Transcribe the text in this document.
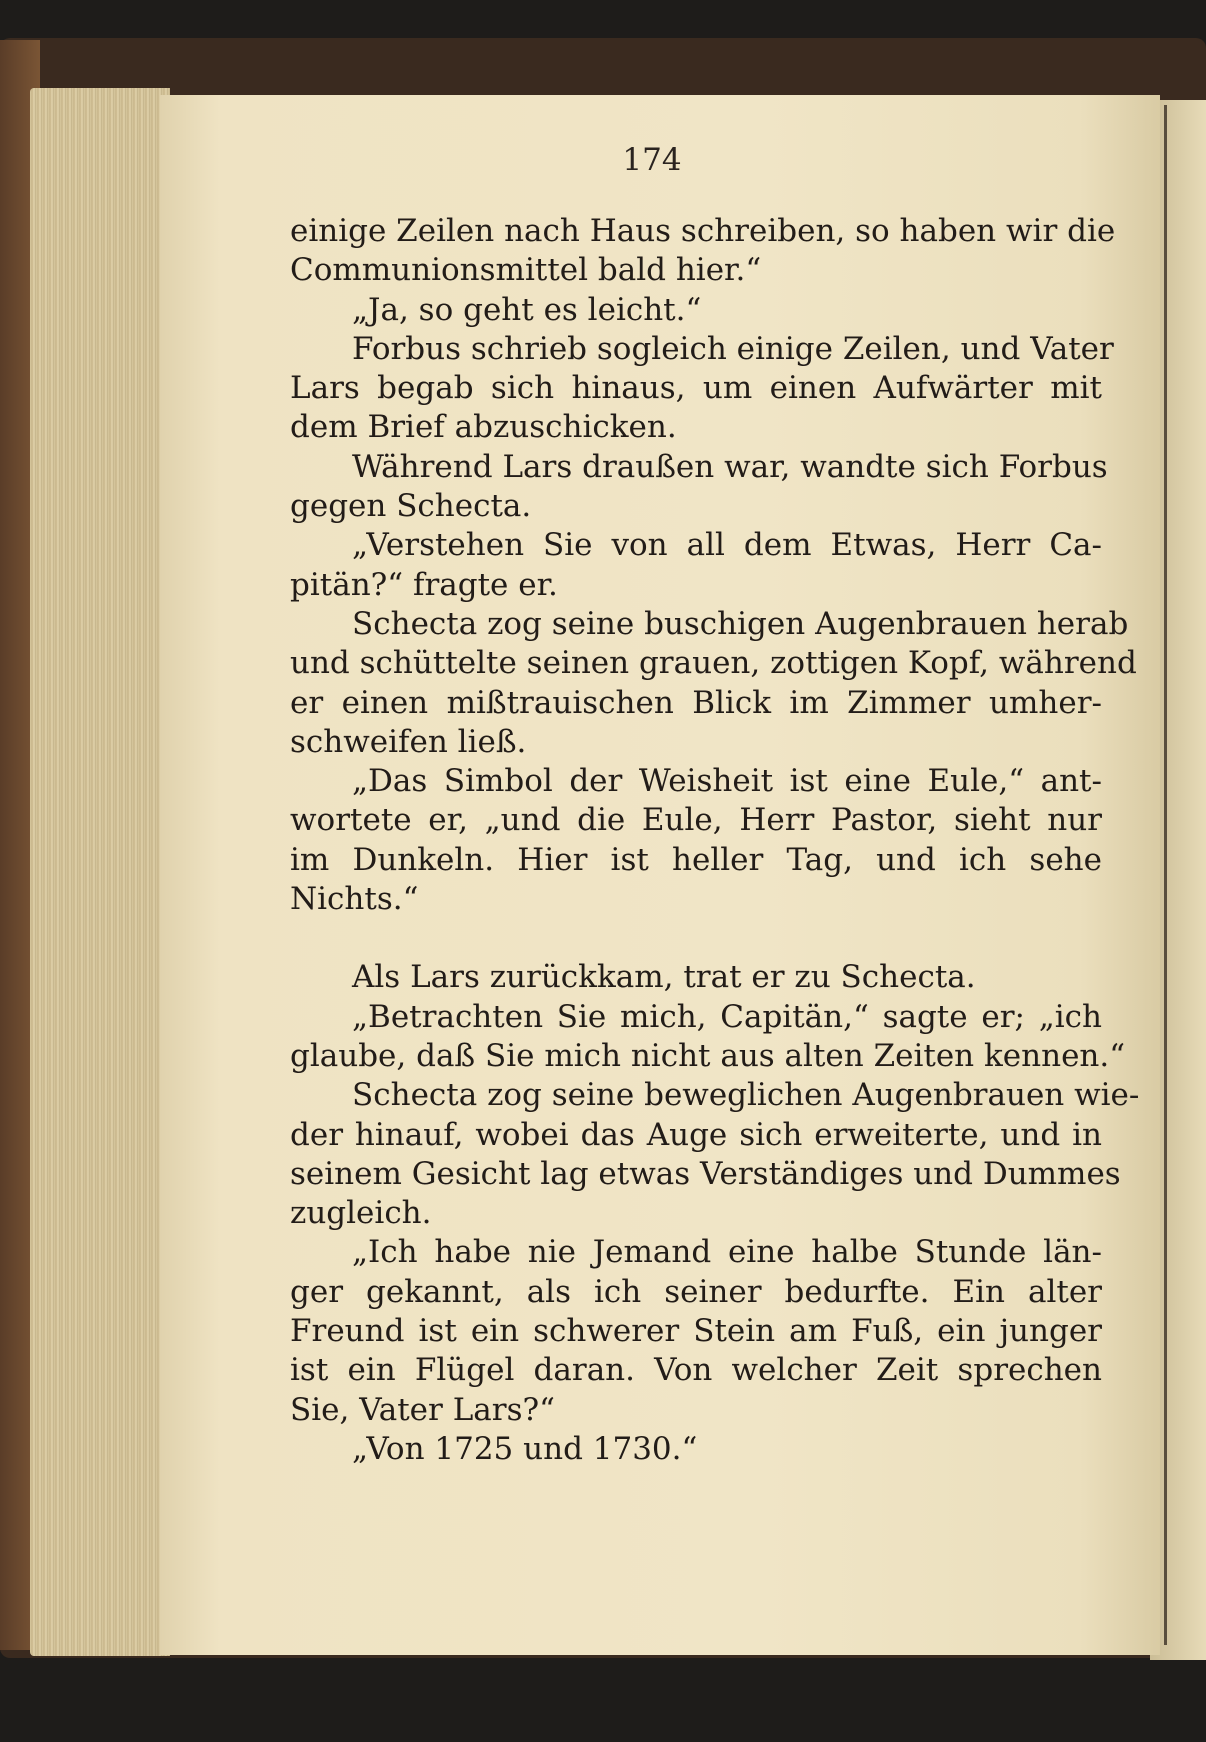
174
einige Zeilen nach Haus schreiben, so haben wir die
Communionsmittel bald hier.“
„Ja, so geht es leicht.“
Forbus schrieb sogleich einige Zeilen, und Vater
Lars begab sich hinaus, um einen Aufwärter mit
dem Brief abzuschicken.
Während Lars draußen war, wandte sich Forbus
gegen Schecta.
„Verstehen Sie von all dem Etwas, Herr Ca-
pitän?“ fragte er.
Schecta zog seine buschigen Augenbrauen herab
und schüttelte seinen grauen, zottigen Kopf, während
er einen mißtrauischen Blick im Zimmer umher-
schweifen ließ.
„Das Simbol der Weisheit ist eine Eule,“ ant-
wortete er, „und die Eule, Herr Pastor, sieht nur
im Dunkeln. Hier ist heller Tag, und ich sehe
Nichts.“
Als Lars zurückkam, trat er zu Schecta.
„Betrachten Sie mich, Capitän,“ sagte er; „ich
glaube, daß Sie mich nicht aus alten Zeiten kennen.“
Schecta zog seine beweglichen Augenbrauen wie-
der hinauf, wobei das Auge sich erweiterte, und in
seinem Gesicht lag etwas Verständiges und Dummes
zugleich.
„Ich habe nie Jemand eine halbe Stunde län-
ger gekannt, als ich seiner bedurfte. Ein alter
Freund ist ein schwerer Stein am Fuß, ein junger
ist ein Flügel daran. Von welcher Zeit sprechen
Sie, Vater Lars?“
„Von 1725 und 1730.“
